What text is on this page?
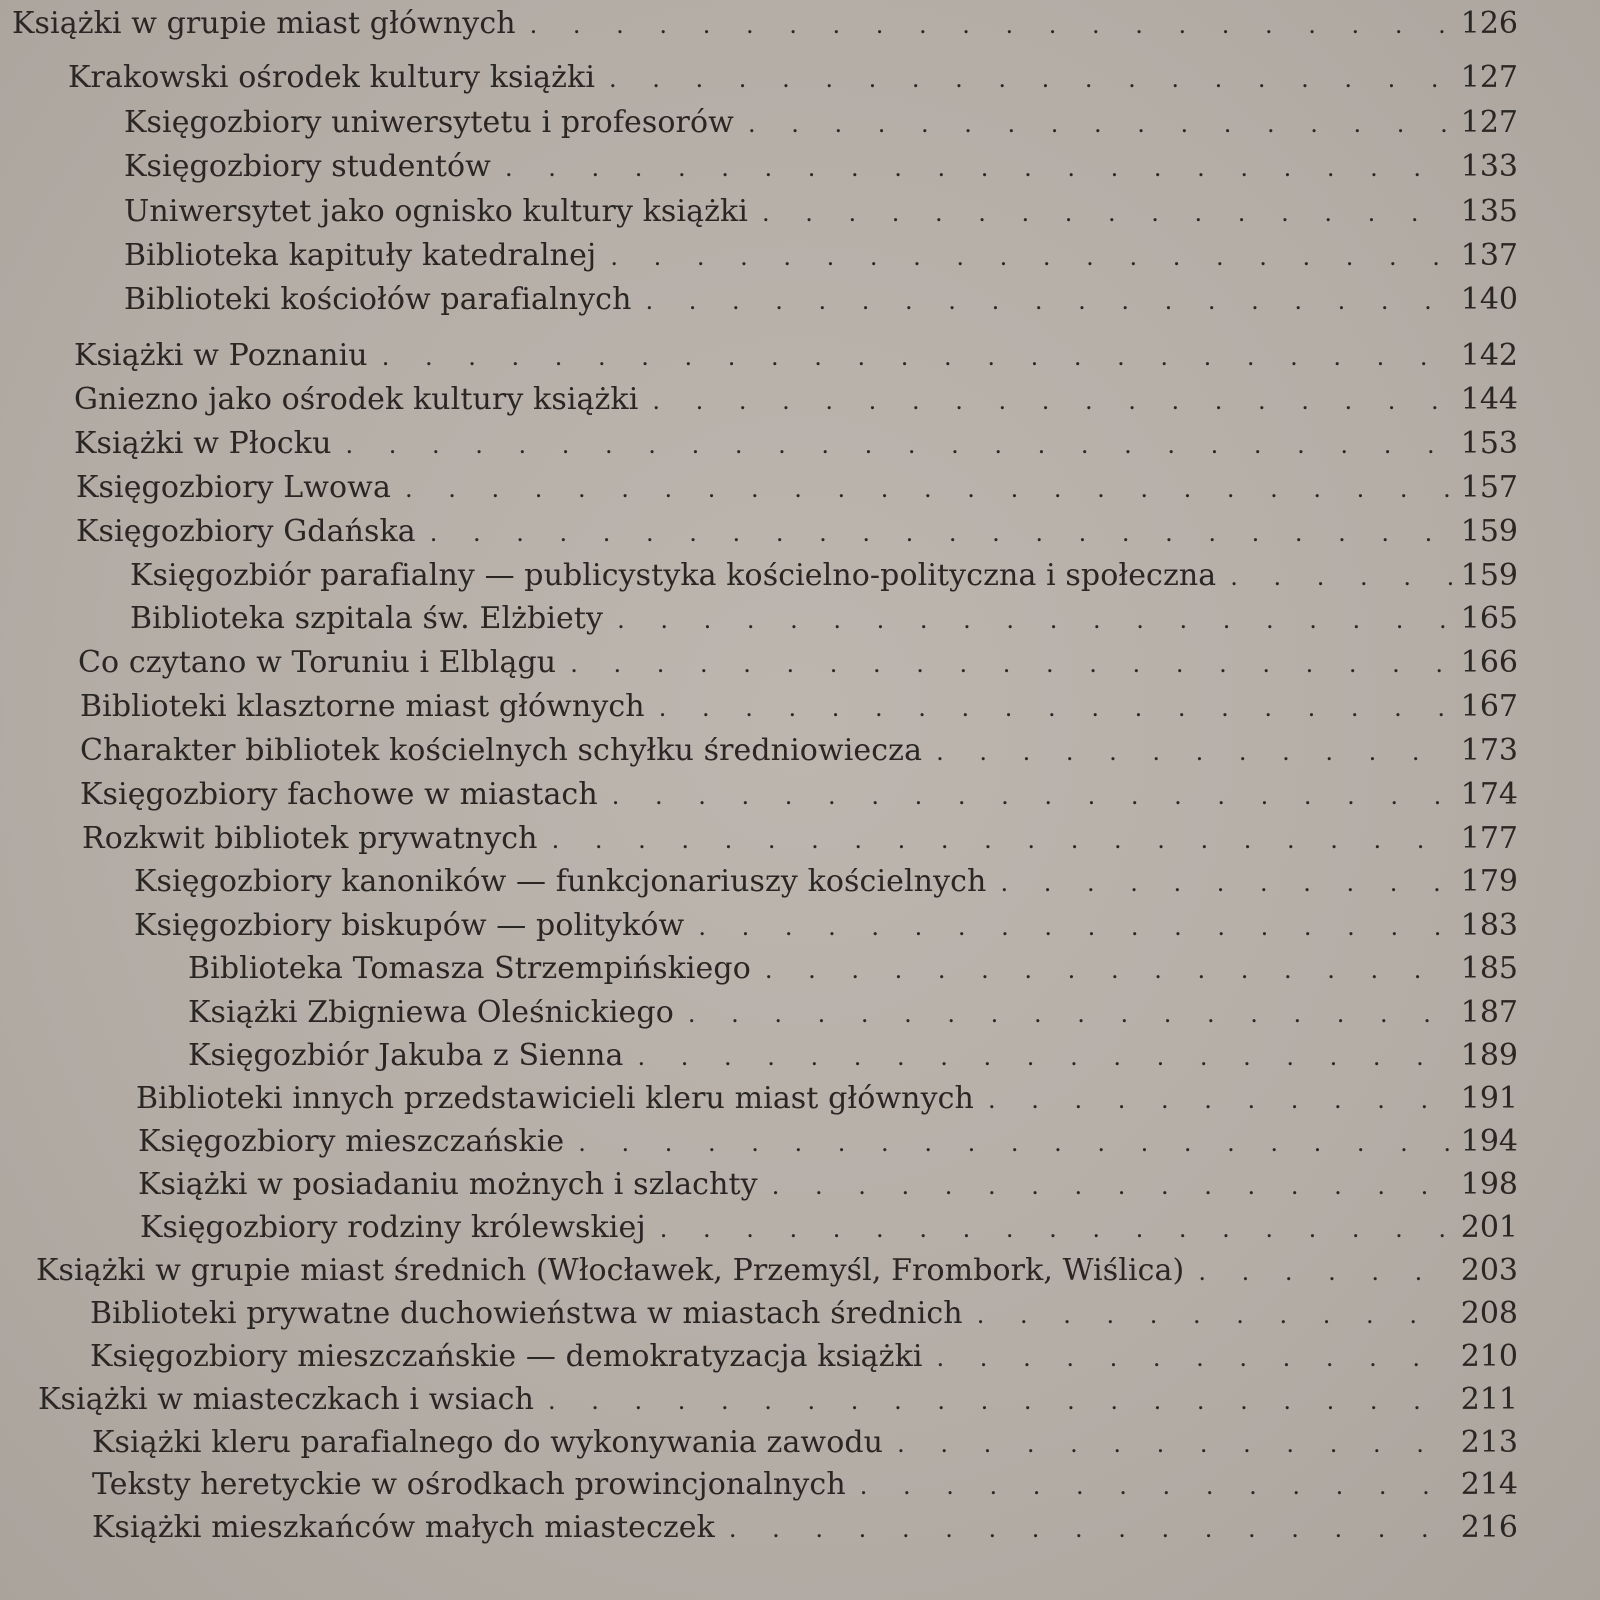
Książki w grupie miast głównych . . .	126
Krakowski ośrodek kultury książki . . .	127
Księgozbiory uniwersytetu i profesorów . . .	127
Księgozbiory studentów . . .	133
Uniwersytet jako ognisko kultury książki . . .	135
Biblioteka kapituły katedralnej . . .	137
Biblioteki kościołów parafialnych . . .	140
Książki w Poznaniu . . .	142
Gniezno jako ośrodek kultury książki . . .	144
Książki w Płocku . . .	153
Księgozbiory Lwowa . . .	157
Księgozbiory Gdańska . . .	159
Księgozbiór parafialny — publicystyka kościelno-polityczna i społeczna . . .	159
Biblioteka szpitala św. Elżbiety . . .	165
Co czytano w Toruniu i Elblągu . . .	166
Biblioteki klasztorne miast głównych . . .	167
Charakter bibliotek kościelnych schyłku średniowiecza . . .	173
Księgozbiory fachowe w miastach . . .	174
Rozkwit bibliotek prywatnych . . .	177
Księgozbiory kanoników — funkcjonariuszy kościelnych . . .	179
Księgozbiory biskupów — polityków . . .	183
Biblioteka Tomasza Strzempińskiego . . .	185
Książki Zbigniewa Oleśnickiego . . .	187
Księgozbiór Jakuba z Sienna . . .	189
Biblioteki innych przedstawicieli kleru miast głównych . . .	191
Księgozbiory mieszczańskie . . .	194
Książki w posiadaniu możnych i szlachty . . .	198
Księgozbiory rodziny królewskiej . . .	201
Książki w grupie miast średnich (Włocławek, Przemyśl, Frombork, Wiślica) . . .	203
Biblioteki prywatne duchowieństwa w miastach średnich . . .	208
Księgozbiory mieszczańskie — demokratyzacja książki . . .	210
Książki w miasteczkach i wsiach . . .	211
Książki kleru parafialnego do wykonywania zawodu . . .	213
Teksty heretyckie w ośrodkach prowincjonalnych . . .	214
Książki mieszkańców małych miasteczek . . .	216
